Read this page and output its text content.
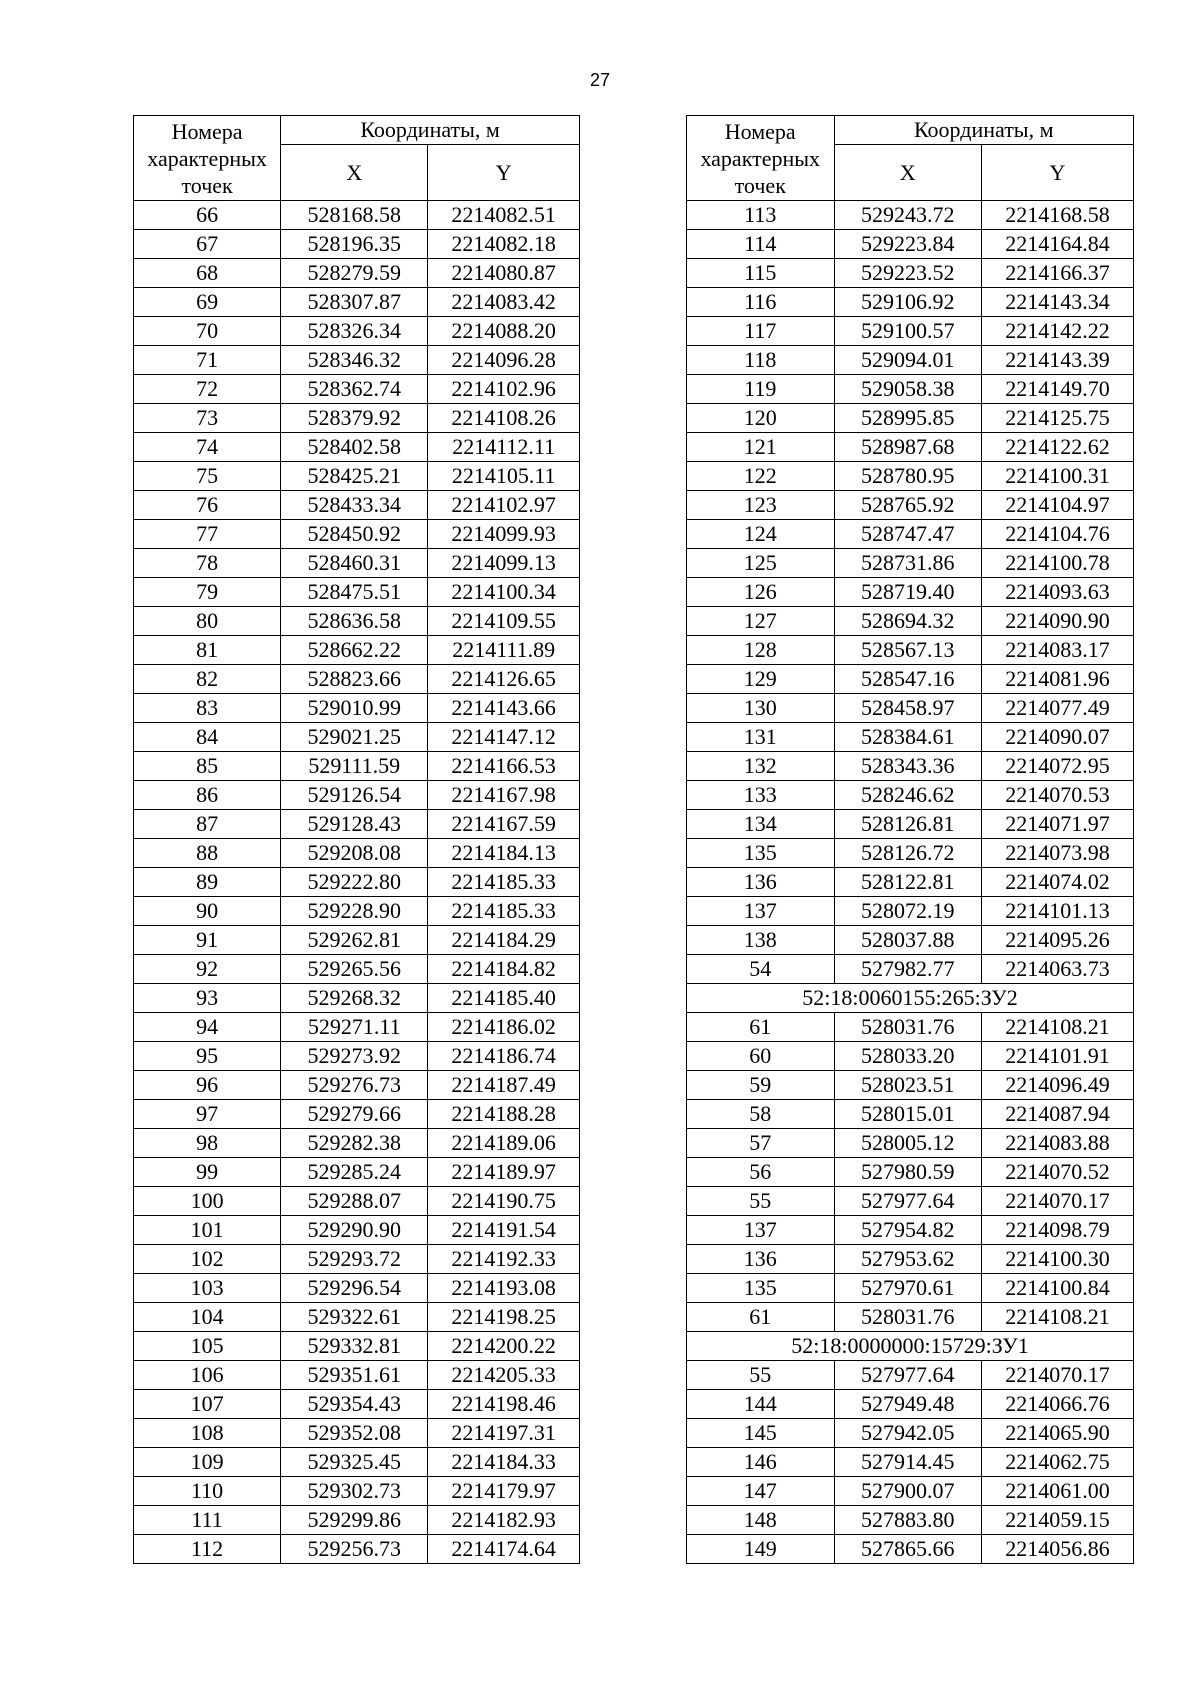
27
Номера характерных точек	Координаты, м	
	X	Y
66	528168.58	2214082.51
67	528196.35	2214082.18
68	528279.59	2214080.87
69	528307.87	2214083.42
70	528326.34	2214088.20
71	528346.32	2214096.28
72	528362.74	2214102.96
73	528379.92	2214108.26
74	528402.58	2214112.11
75	528425.21	2214105.11
76	528433.34	2214102.97
77	528450.92	2214099.93
78	528460.31	2214099.13
79	528475.51	2214100.34
80	528636.58	2214109.55
81	528662.22	2214111.89
82	528823.66	2214126.65
83	529010.99	2214143.66
84	529021.25	2214147.12
85	529111.59	2214166.53
86	529126.54	2214167.98
87	529128.43	2214167.59
88	529208.08	2214184.13
89	529222.80	2214185.33
90	529228.90	2214185.33
91	529262.81	2214184.29
92	529265.56	2214184.82
93	529268.32	2214185.40
94	529271.11	2214186.02
95	529273.92	2214186.74
96	529276.73	2214187.49
97	529279.66	2214188.28
98	529282.38	2214189.06
99	529285.24	2214189.97
100	529288.07	2214190.75
101	529290.90	2214191.54
102	529293.72	2214192.33
103	529296.54	2214193.08
104	529322.61	2214198.25
105	529332.81	2214200.22
106	529351.61	2214205.33
107	529354.43	2214198.46
108	529352.08	2214197.31
109	529325.45	2214184.33
110	529302.73	2214179.97
111	529299.86	2214182.93
112	529256.73	2214174.64
Номера характерных точек	Координаты, м	
	X	Y
113	529243.72	2214168.58
114	529223.84	2214164.84
115	529223.52	2214166.37
116	529106.92	2214143.34
117	529100.57	2214142.22
118	529094.01	2214143.39
119	529058.38	2214149.70
120	528995.85	2214125.75
121	528987.68	2214122.62
122	528780.95	2214100.31
123	528765.92	2214104.97
124	528747.47	2214104.76
125	528731.86	2214100.78
126	528719.40	2214093.63
127	528694.32	2214090.90
128	528567.13	2214083.17
129	528547.16	2214081.96
130	528458.97	2214077.49
131	528384.61	2214090.07
132	528343.36	2214072.95
133	528246.62	2214070.53
134	528126.81	2214071.97
135	528126.72	2214073.98
136	528122.81	2214074.02
137	528072.19	2214101.13
138	528037.88	2214095.26
54	527982.77	2214063.73
52:18:0060155:265:ЗУ2		
61	528031.76	2214108.21
60	528033.20	2214101.91
59	528023.51	2214096.49
58	528015.01	2214087.94
57	528005.12	2214083.88
56	527980.59	2214070.52
55	527977.64	2214070.17
137	527954.82	2214098.79
136	527953.62	2214100.30
135	527970.61	2214100.84
61	528031.76	2214108.21
52:18:0000000:15729:ЗУ1		
55	527977.64	2214070.17
144	527949.48	2214066.76
145	527942.05	2214065.90
146	527914.45	2214062.75
147	527900.07	2214061.00
148	527883.80	2214059.15
149	527865.66	2214056.86
